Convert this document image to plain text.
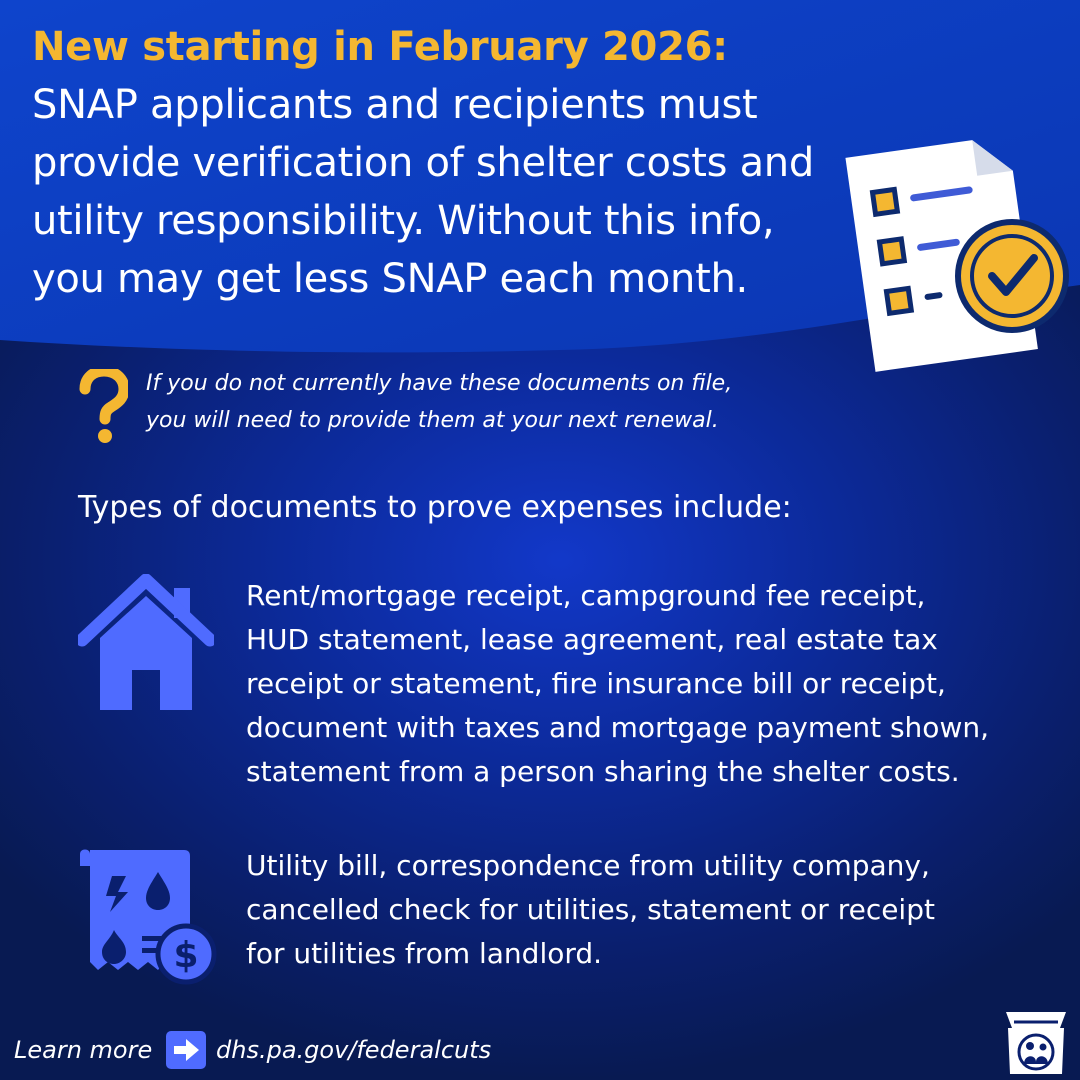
New starting in February 2026: SNAP applicants and recipients must provide verification of shelter costs and utility responsibility. Without this info, you may get less SNAP each month.
If you do not currently have these documents on file,
you will need to provide them at your next renewal.
Types of documents to prove expenses include:
Rent/mortgage receipt, campground fee receipt,
HUD statement, lease agreement, real estate tax
receipt or statement, fire insurance bill or receipt,
document with taxes and mortgage payment shown,
statement from a person sharing the shelter costs.
$
Utility bill, correspondence from utility company,
cancelled check for utilities, statement or receipt
for utilities from landlord.
Learn more	dhs.pa.gov/federalcuts
